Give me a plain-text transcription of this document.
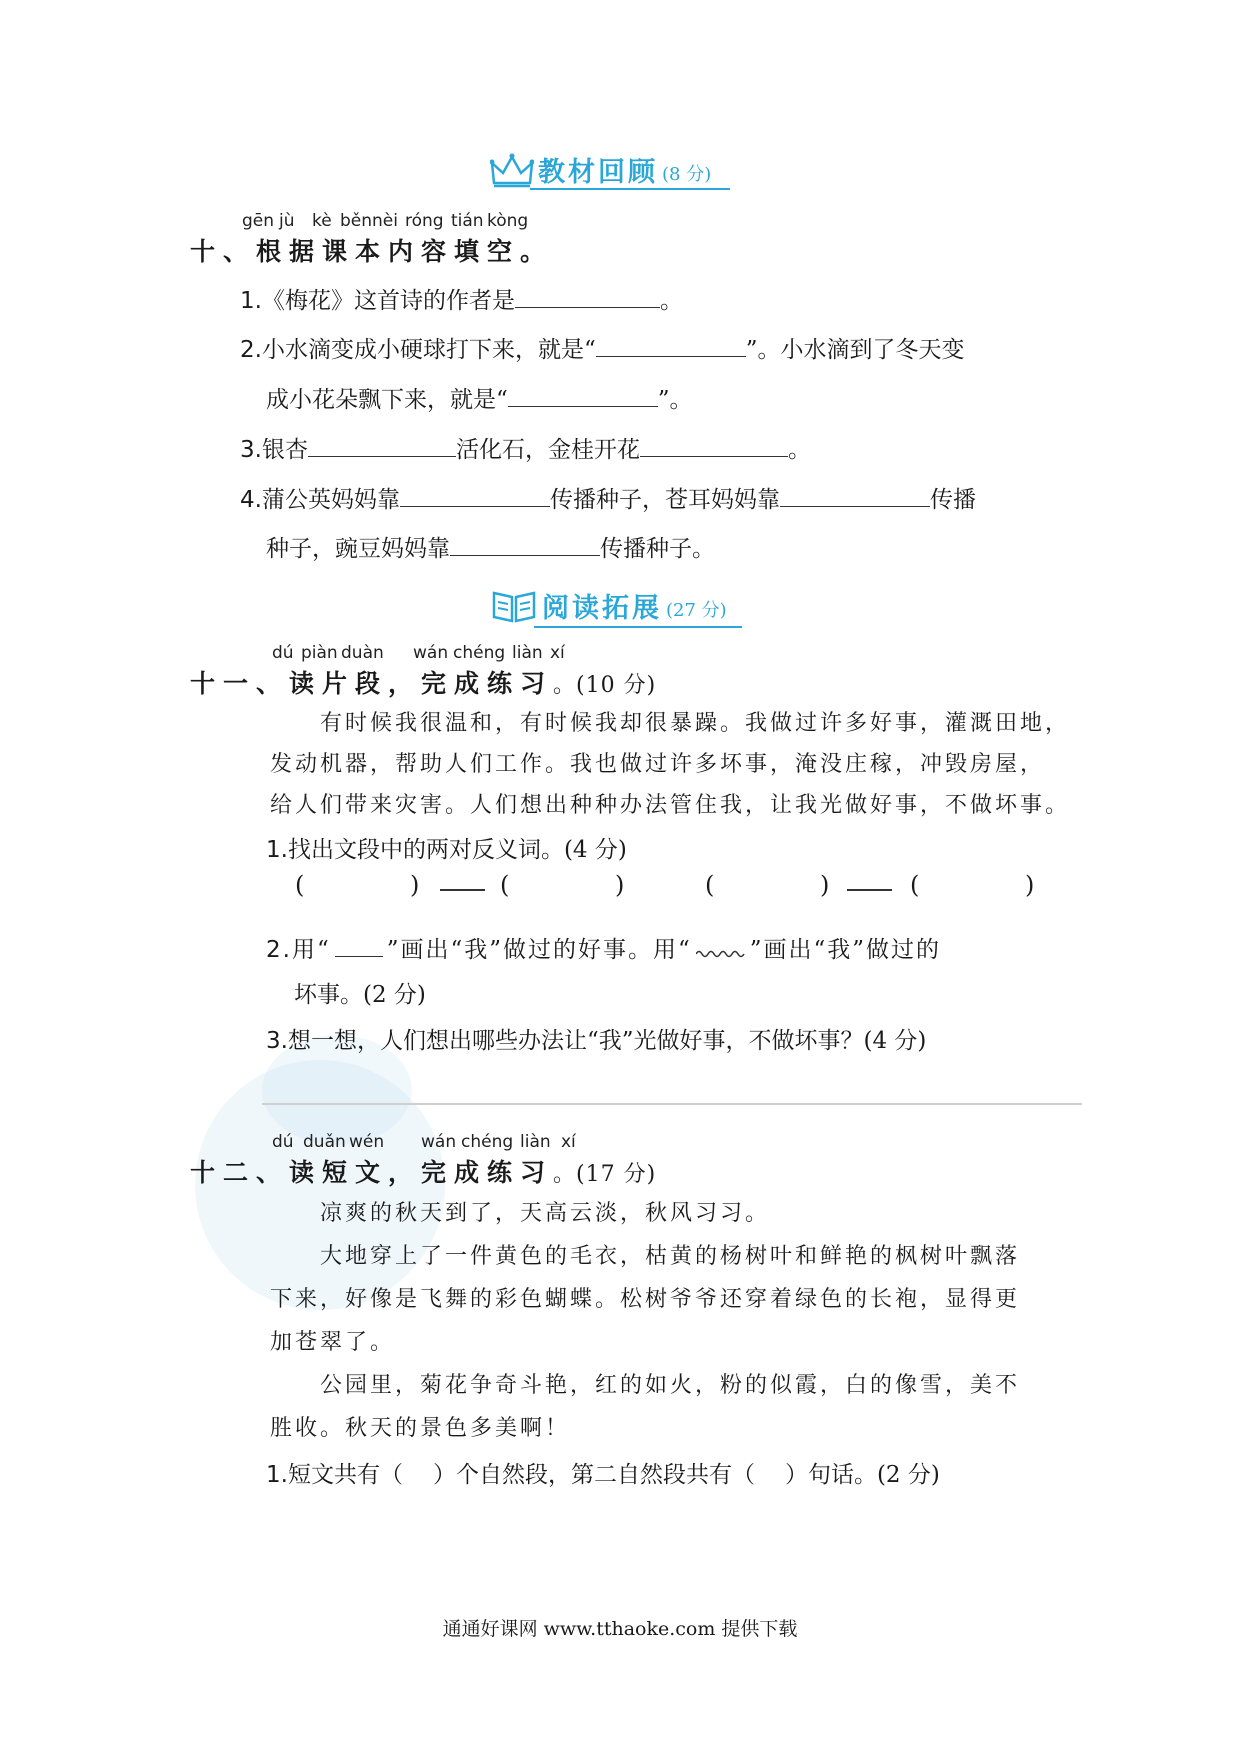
教材回顾 (8 分)
gēn jù kè běn nèi róng tián kòng
十、根据课本内容填空。
1.《梅花》这首诗的作者是	。
2.小水滴变成小硬球打下来，就是“	”。小水滴到了冬天变
成小花朵飘下来，就是“	”。
3.银杏	活化石，金桂开花	。
4.蒲公英妈妈靠	传播种子，苍耳妈妈靠	传播
种子，豌豆妈妈靠	传播种子。
阅读拓展 (27 分)
dú piàn duàn wán chéng liàn xí
十一、读片段，完成练习。(10 分)
有时候我很温和，有时候我却很暴躁。我做过许多好事，灌溉田地，
发动机器，帮助人们工作。我也做过许多坏事，淹没庄稼，冲毁房屋，
给人们带来灾害。人们想出种种办法管住我，让我光做好事，不做坏事。
1.找出文段中的两对反义词。(4 分)
(	)	(	)	(	)	(	)
2.用“ ”画出“我”做过的好事。用“	”画出“我”做过的
坏事。(2 分)
3.想一想，人们想出哪些办法让“我”光做好事，不做坏事？(4 分)
dú duǎn wén wán chéng liàn xí
十二、读短文，完成练习。(17 分)
凉爽的秋天到了，天高云淡，秋风习习。
大地穿上了一件黄色的毛衣，枯黄的杨树叶和鲜艳的枫树叶飘落
下来，好像是飞舞的彩色蝴蝶。松树爷爷还穿着绿色的长袍，显得更
加苍翠了。
公园里，菊花争奇斗艳，红的如火，粉的似霞，白的像雪，美不
胜收。秋天的景色多美啊！
1.短文共有（ ）个自然段，第二自然段共有（ ）句话。(2 分)
通通好课网 www.tthaoke.com 提供下载
